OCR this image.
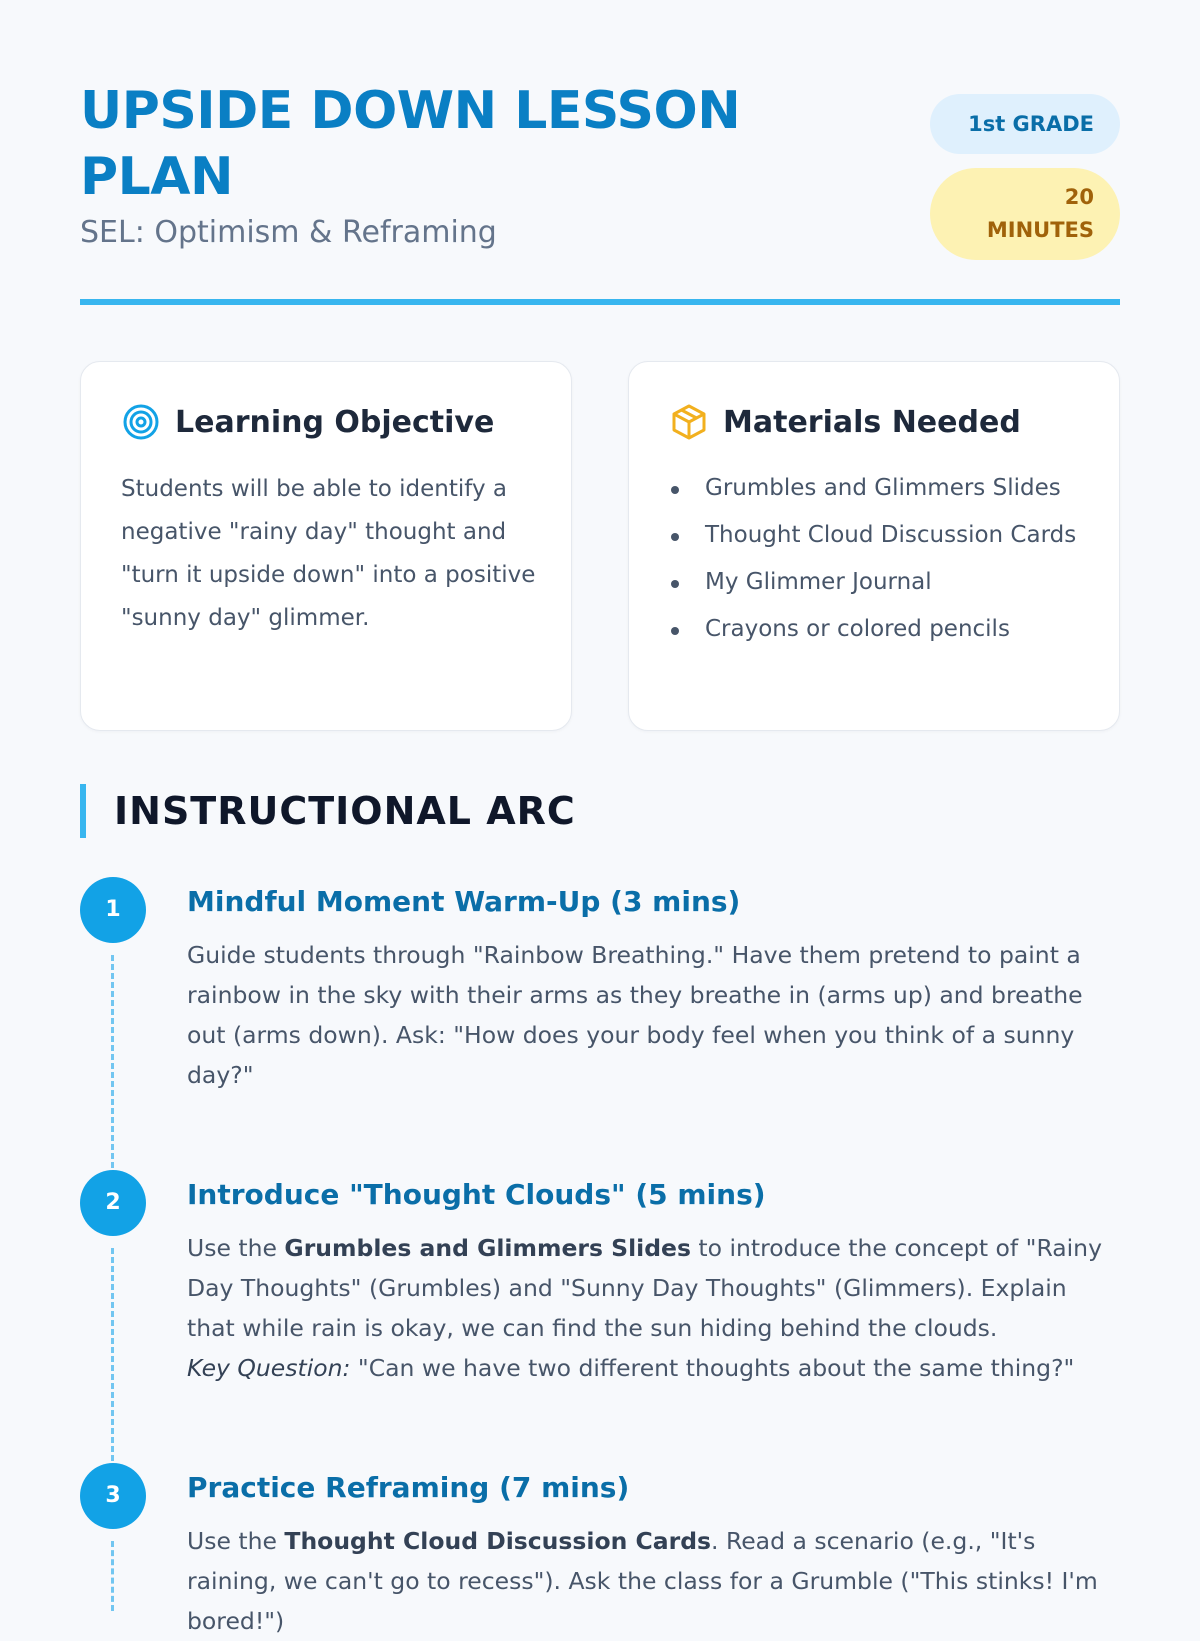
UPSIDE DOWN LESSON PLAN
SEL: Optimism & Reframing
1st GRADE
20 MINUTES
Learning Objective

Students will be able to identify a negative "rainy day" thought and "turn it upside down" into a positive "sunny day" glimmer.

Materials Needed
Grumbles and Glimmers Slides
Thought Cloud Discussion Cards
My Glimmer Journal
Crayons or colored pencils
INSTRUCTIONAL ARC
1	Mindful Moment Warm-Up (3 mins)

Guide students through "Rainbow Breathing." Have them pretend to paint a rainbow in the sky with their arms as they breathe in (arms up) and breathe out (arms down). Ask: "How does your body feel when you think of a sunny day?"

2	Introduce "Thought Clouds" (5 mins)

Use the Grumbles and Glimmers Slides to introduce the concept of "Rainy Day Thoughts" (Grumbles) and "Sunny Day Thoughts" (Glimmers). Explain that while rain is okay, we can find the sun hiding behind the clouds.
Key Question: "Can we have two different thoughts about the same thing?"

3	Practice Reframing (7 mins)

Use the Thought Cloud Discussion Cards. Read a scenario (e.g., "It's raining, we can't go to recess"). Ask the class for a Grumble ("This stinks! I'm bored!")
